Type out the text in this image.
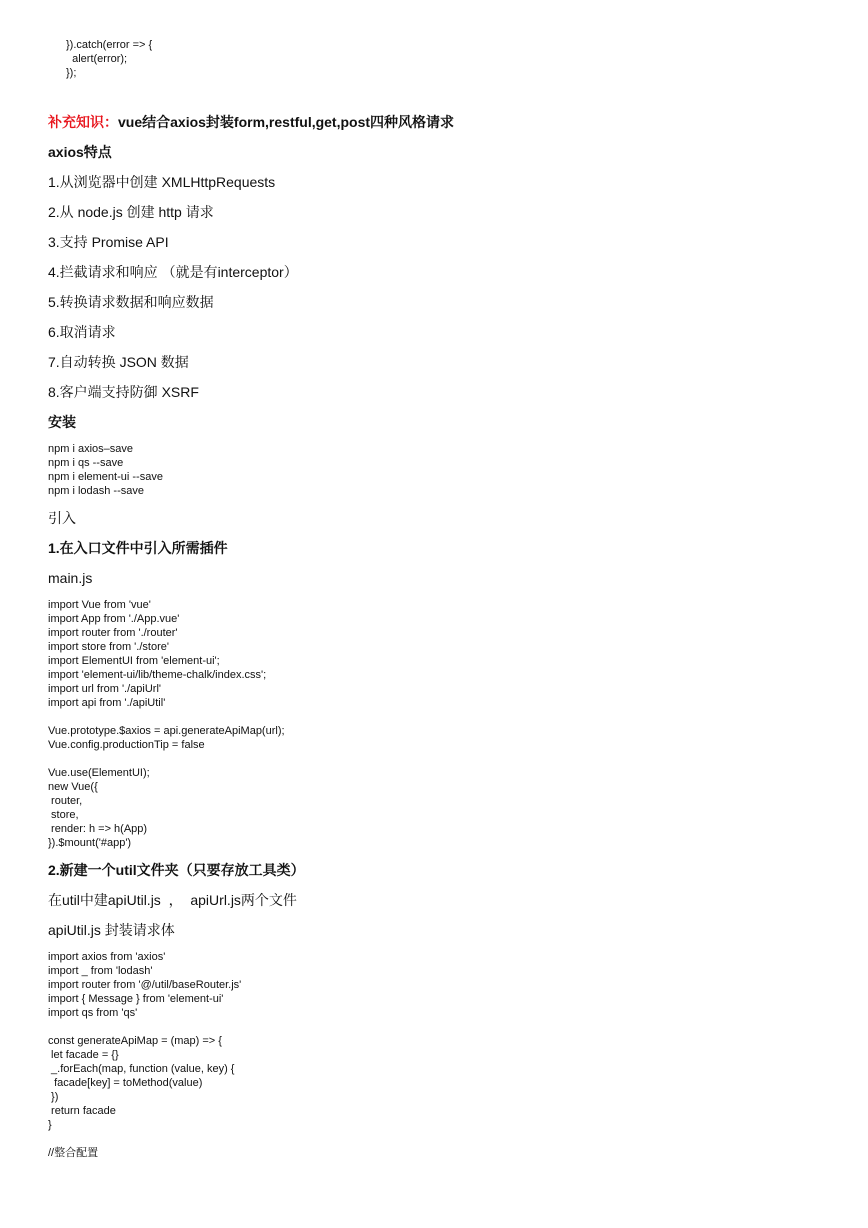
}).catch(error => {
alert(error);
});

补充知识：vue结合axios封装form,restful,get,post四种风格请求

axios特点

1.从浏览器中创建 XMLHttpRequests

2.从 node.js 创建 http 请求

3.支持 Promise API

4.拦截请求和响应 （就是有interceptor）

5.转换请求数据和响应数据

6.取消请求

7.自动转换 JSON 数据

8.客户端支持防御 XSRF

安装

npm i axios–save
npm i qs --save
npm i element-ui --save
npm i lodash --save

引入

1.在入口文件中引入所需插件

main.js

import Vue from 'vue'
import App from './App.vue'
import router from './router'
import store from './store'
import ElementUI from 'element-ui';
import 'element-ui/lib/theme-chalk/index.css';
import url from './apiUrl'
import api from './apiUtil'

Vue.prototype.$axios = api.generateApiMap(url);
Vue.config.productionTip = false

Vue.use(ElementUI);
new Vue({
router,
store,
render: h => h(App)
}).$mount('#app')

2.新建一个util文件夹（只要存放工具类）

在util中建apiUtil.js  ，  apiUrl.js两个文件

apiUtil.js 封装请求体

import axios from 'axios'
import _ from 'lodash'
import router from '@/util/baseRouter.js'
import { Message } from 'element-ui'
import qs from 'qs'

const generateApiMap = (map) => {
let facade = {}
_.forEach(map, function (value, key) {
facade[key] = toMethod(value)
})
return facade
}

//整合配置
